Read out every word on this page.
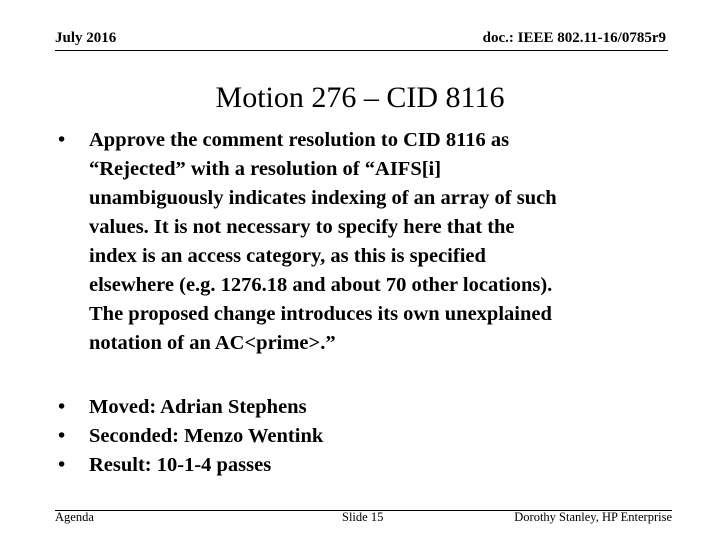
July 2016	doc.: IEEE 802.11-16/0785r9
Motion 276 – CID 8116
• Approve the comment resolution to CID 8116 as
“Rejected” with a resolution of “AIFS[i]
unambiguously indicates indexing of an array of such
values. It is not necessary to specify here that the
index is an access category, as this is specified
elsewhere (e.g. 1276.18 and about 70 other locations).
The proposed change introduces its own unexplained
notation of an AC<prime>.”
• Moved: Adrian Stephens
• Seconded: Menzo Wentink
• Result: 10-1-4 passes
Agenda	Slide 15	Dorothy Stanley, HP Enterprise
